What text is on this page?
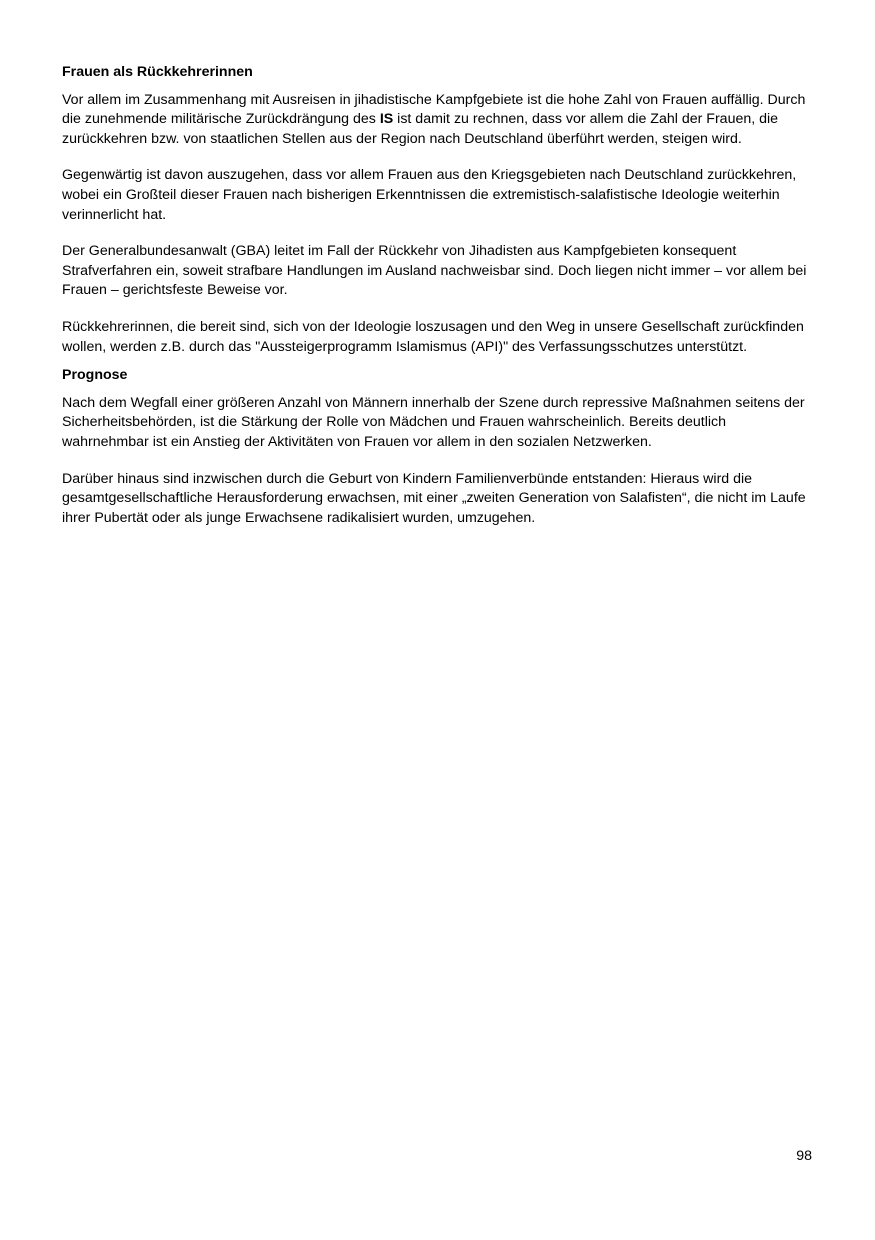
Frauen als Rückkehrerinnen

Vor allem im Zusammenhang mit Ausreisen in jihadistische Kampfgebiete ist die hohe Zahl von Frauen auffällig. Durch die zunehmende militärische Zurückdrängung des IS ist damit zu rechnen, dass vor allem die Zahl der Frauen, die zurückkehren bzw. von staatlichen Stellen aus der Region nach Deutschland überführt werden, steigen wird.

Gegenwärtig ist davon auszugehen, dass vor allem Frauen aus den Kriegsgebieten nach Deutschland zurückkehren, wobei ein Großteil dieser Frauen nach bisherigen Erkenntnissen die extremistisch-salafistische Ideologie weiterhin verinnerlicht hat.

Der Generalbundesanwalt (GBA) leitet im Fall der Rückkehr von Jihadisten aus Kampfgebieten konsequent Strafverfahren ein, soweit strafbare Handlungen im Ausland nachweisbar sind. Doch liegen nicht immer – vor allem bei Frauen – gerichtsfeste Beweise vor.

Rückkehrerinnen, die bereit sind, sich von der Ideologie loszusagen und den Weg in unsere Gesellschaft zurückfinden wollen, werden z.B. durch das "Aussteigerprogramm Islamismus (API)" des Verfassungsschutzes unterstützt.

Prognose

Nach dem Wegfall einer größeren Anzahl von Männern innerhalb der Szene durch repressive Maßnahmen seitens der Sicherheitsbehörden, ist die Stärkung der Rolle von Mädchen und Frauen wahrscheinlich. Bereits deutlich wahrnehmbar ist ein Anstieg der Aktivitäten von Frauen vor allem in den sozialen Netzwerken.

Darüber hinaus sind inzwischen durch die Geburt von Kindern Familienverbünde entstanden: Hieraus wird die gesamtgesellschaftliche Herausforderung erwachsen, mit einer „zweiten Generation von Salafisten“, die nicht im Laufe ihrer Pubertät oder als junge Erwachsene radikalisiert wurden, umzugehen.

98
